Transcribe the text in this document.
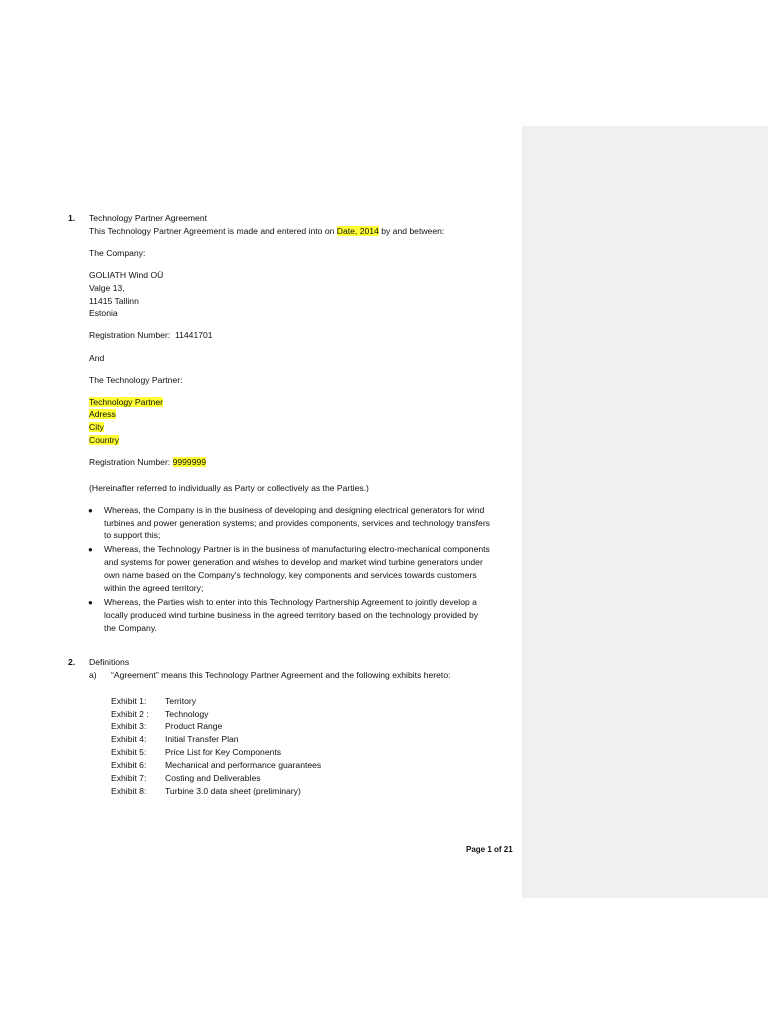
1. Technology Partner Agreement
This Technology Partner Agreement is made and entered into on Date, 2014 by and between:
The Company:
GOLIATH Wind OÜ
Valge 13,
11415 Tallinn
Estonia
Registration Number: 11441701
And
The Technology Partner:
Technology Partner
Adress
City
Country
Registration Number: 9999999
(Hereinafter referred to individually as Party or collectively as the Parties.)
● Whereas, the Company is in the business of developing and designing electrical generators for wind
turbines and power generation systems; and provides components, services and technology transfers
to support this;
● Whereas, the Technology Partner is in the business of manufacturing electro-mechanical components
and systems for power generation and wishes to develop and market wind turbine generators under
own name based on the Company's technology, key components and services towards customers
within the agreed territory;
● Whereas, the Parties wish to enter into this Technology Partnership Agreement to jointly develop a
locally produced wind turbine business in the agreed territory based on the technology provided by
the Company.
2. Definitions
a) “Agreement” means this Technology Partner Agreement and the following exhibits hereto:
Exhibit 1: Territory
Exhibit 2 : Technology
Exhibit 3: Product Range
Exhibit 4: Initial Transfer Plan
Exhibit 5: Price List for Key Components
Exhibit 6: Mechanical and performance guarantees
Exhibit 7: Costing and Deliverables
Exhibit 8: Turbine 3.0 data sheet (preliminary)
Page 1 of 21
